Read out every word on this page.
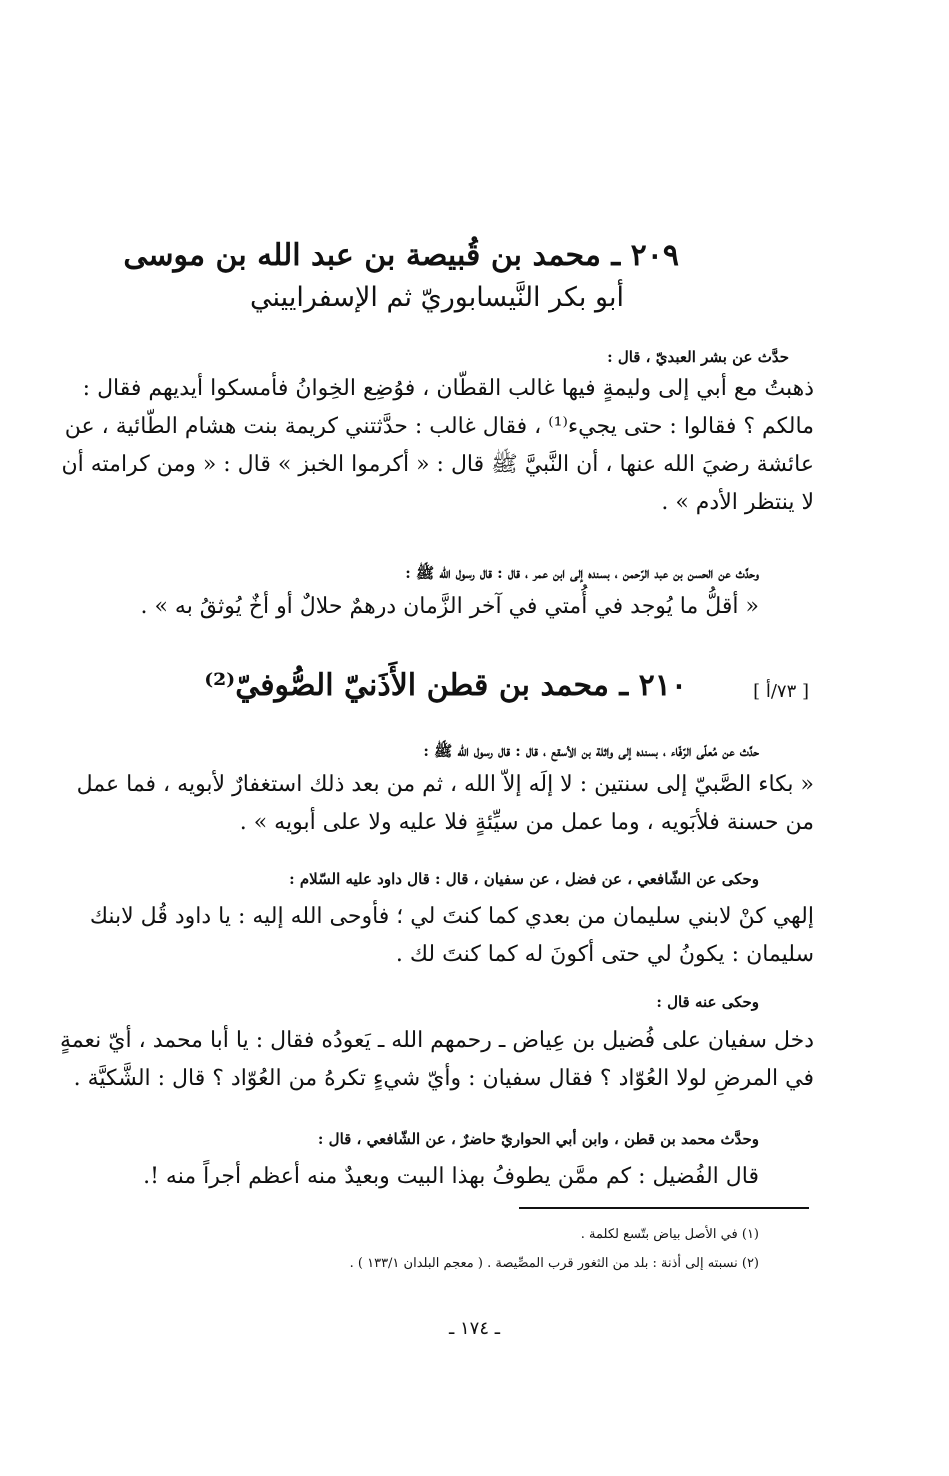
٢٠٩ ـ محمد بن قُبيصة بن عبد الله بن موسى
أبو بكر النَّيسابوريّ ثم الإسفراييني
حدَّث عن بشر العبديّ ، قال :
ذهبتُ مع أبي إلى وليمةٍ فيها غالب القطّان ، فوُضِع الخِوانُ فأمسكوا أيديهم فقال :
مالكم ؟ فقالوا : حتى يجيء⁽¹⁾ ، فقال غالب : حدَّثتني كريمة بنت هشام الطّائية ، عن
عائشة رضيَ الله عنها ، أن النَّبيَّ ﷺ قال : « أكرموا الخبز » قال : « ومن كرامته أن
لا ينتظر الأدم » .
وحدَّث عن الحسن بن عبد الرّحمن ، بسنده إلى ابن عمر ، قال : قال رسول الله ﷺ :
« أقلُّ ما يُوجد في أُمتي في آخر الزَّمان درهمٌ حلالٌ أو أخٌ يُوثقُ به » .
[ ٧٣/أ ]
٢١٠ ـ محمد بن قطن الأَذَنيّ الصُّوفيّ⁽²⁾
حدَّث عن مُعلّى الرّفّاء ، بسنده إلى واثلة بن الأسقع ، قال : قال رسول الله ﷺ :
« بكاء الصَّبيّ إلى سنتين : لا إلَه إلاّ الله ، ثم من بعد ذلك استغفارٌ لأبويه ، فما عمل
من حسنة فلأبَويه ، وما عمل من سيِّئةٍ فلا عليه ولا على أبويه » .
وحكى عن الشّافعي ، عن فضل ، عن سفيان ، قال : قال داود عليه السّلام :
إلهي كنْ لابني سليمان من بعدي كما كنتَ لي ؛ فأوحى الله إليه : يا داود قُل لابنك
سليمان : يكونُ لي حتى أكونَ له كما كنتَ لك .
وحكى عنه قال :
دخل سفيان على فُضيل بن عِياض ـ رحمهم الله ـ يَعودُه فقال : يا أبا محمد ، أيّ نعمةٍ
في المرضِ لولا العُوّاد ؟ فقال سفيان : وأيّ شيءٍ تكرهُ من العُوّاد ؟ قال : الشَّكيَّة .
وحدَّث محمد بن قطن ، وابن أبي الحواريّ حاضرٌ ، عن الشّافعي ، قال :
قال الفُضيل : كم ممَّن يطوفُ بهذا البيت وبعيدٌ منه أعظم أجراً منه !.
(١) في الأصل بياض بتّسع لكلمة .
(٢) نسبته إلى أذنة : بلد من الثغور قرب المصِّيصة . ( معجم البلدان ١٣٣/١ ) .
ـ ١٧٤ ـ
